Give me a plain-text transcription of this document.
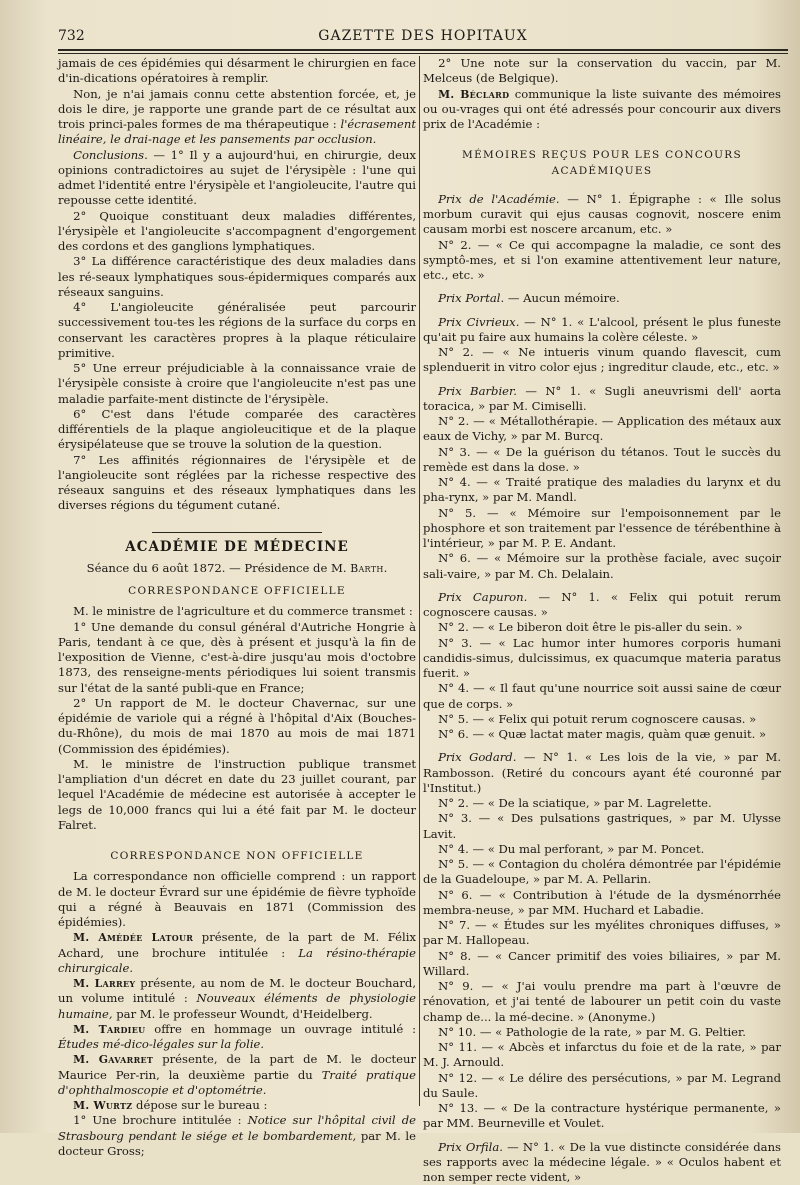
732	GAZETTE DES HOPITAUX

jamais de ces épidémies qui désarment le chirurgien en face d'in-dications opératoires à remplir.

Non, je n'ai jamais connu cette abstention forcée, et, je dois le dire, je rapporte une grande part de ce résultat aux trois princi-pales formes de ma thérapeutique : l'écrasement linéaire, le drai-nage et les pansements par occlusion.

Conclusions. — 1° Il y a aujourd'hui, en chirurgie, deux opinions contradictoires au sujet de l'érysipèle : l'une qui admet l'identité entre l'érysipèle et l'angioleucite, l'autre qui repousse cette identité.

2° Quoique constituant deux maladies différentes, l'érysipèle et l'angioleucite s'accompagnent d'engorgement des cordons et des ganglions lymphatiques.

3° La différence caractéristique des deux maladies dans les ré-seaux lymphatiques sous-épidermiques comparés aux réseaux sanguins.

4° L'angioleucite généralisée peut parcourir successivement tou-tes les régions de la surface du corps en conservant les caractères propres à la plaque réticulaire primitive.

5° Une erreur préjudiciable à la connaissance vraie de l'érysipèle consiste à croire que l'angioleucite n'est pas une maladie parfaite-ment distincte de l'érysipèle.

6° C'est dans l'étude comparée des caractères différentiels de la plaque angioleucitique et de la plaque érysipélateuse que se trouve la solution de la question.

7° Les affinités régionnaires de l'érysipèle et de l'angioleucite sont réglées par la richesse respective des réseaux sanguins et des réseaux lymphatiques dans les diverses régions du tégument cutané.

ACADÉMIE DE MÉDECINE

Séance du 6 août 1872. — Présidence de M. Barth.

CORRESPONDANCE OFFICIELLE

M. le ministre de l'agriculture et du commerce transmet :

1° Une demande du consul général d'Autriche Hongrie à Paris, tendant à ce que, dès à présent et jusqu'à la fin de l'exposition de Vienne, c'est-à-dire jusqu'au mois d'octobre 1873, des renseigne-ments périodiques lui soient transmis sur l'état de la santé publi-que en France;

2° Un rapport de M. le docteur Chavernac, sur une épidémie de variole qui a régné à l'hôpital d'Aix (Bouches-du-Rhône), du mois de mai 1870 au mois de mai 1871 (Commission des épidémies).

M. le ministre de l'instruction publique transmet l'ampliation d'un décret en date du 23 juillet courant, par lequel l'Académie de médecine est autorisée à accepter le legs de 10,000 francs qui lui a été fait par M. le docteur Falret.

CORRESPONDANCE NON OFFICIELLE

La correspondance non officielle comprend : un rapport de M. le docteur Évrard sur une épidémie de fièvre typhoïde qui a régné à Beauvais en 1871 (Commission des épidémies).

M. Amédée Latour présente, de la part de M. Félix Achard, une brochure intitulée : La résino-thérapie chirurgicale.

M. Larrey présente, au nom de M. le docteur Bouchard, un volume intitulé : Nouveaux éléments de physiologie humaine, par M. le professeur Woundt, d'Heidelberg.

M. Tardieu offre en hommage un ouvrage intitulé : Études mé-dico-légales sur la folie.

M. Gavarret présente, de la part de M. le docteur Maurice Per-rin, la deuxième partie du Traité pratique d'ophthalmoscopie et d'optométrie.

M. Wurtz dépose sur le bureau :

1° Une brochure intitulée : Notice sur l'hôpital civil de Strasbourg pendant le siége et le bombardement, par M. le docteur Gross;

2° Une note sur la conservation du vaccin, par M. Melceus (de Belgique).

M. Béclard communique la liste suivante des mémoires ou ou-vrages qui ont été adressés pour concourir aux divers prix de l'Académie :

MÉMOIRES REÇUS POUR LES CONCOURS ACADÉMIQUES

Prix de l'Académie. — N° 1. Épigraphe : « Ille solus morbum curavit qui ejus causas cognovit, noscere enim causam morbi est noscere arcanum, etc. »

N° 2. — « Ce qui accompagne la maladie, ce sont des symptô-mes, et si l'on examine attentivement leur nature, etc., etc. »

Prix Portal. — Aucun mémoire.

Prix Civrieux. — N° 1. « L'alcool, présent le plus funeste qu'ait pu faire aux humains la colère céleste. »

N° 2. — « Ne intueris vinum quando flavescit, cum splenduerit in vitro color ejus ; ingreditur claude, etc., etc. »

Prix Barbier. — N° 1. « Sugli aneuvrismi dell' aorta toracica, » par M. Cimiselli.

N° 2. — « Métallothérapie. — Application des métaux aux eaux de Vichy, » par M. Burcq.

N° 3. — « De la guérison du tétanos. Tout le succès du remède est dans la dose. »

N° 4. — « Traité pratique des maladies du larynx et du pha-rynx, » par M. Mandl.

N° 5. — « Mémoire sur l'empoisonnement par le phosphore et son traitement par l'essence de térébenthine à l'intérieur, » par M. P. E. Andant.

N° 6. — « Mémoire sur la prothèse faciale, avec suçoir sali-vaire, » par M. Ch. Delalain.

Prix Capuron. — N° 1. « Felix qui potuit rerum cognoscere causas. »

N° 2. — « Le biberon doit être le pis-aller du sein. »

N° 3. — « Lac humor inter humores corporis humani candidis-simus, dulcissimus, ex quacumque materia paratus fuerit. »

N° 4. — « Il faut qu'une nourrice soit aussi saine de cœur que de corps. »

N° 5. — « Felix qui potuit rerum cognoscere causas. »

N° 6. — « Quæ lactat mater magis, quàm quæ genuit. »

Prix Godard. — N° 1. « Les lois de la vie, » par M. Rambosson. (Retiré du concours ayant été couronné par l'Institut.)

N° 2. — « De la sciatique, » par M. Lagrelette.

N° 3. — « Des pulsations gastriques, » par M. Ulysse Lavit.

N° 4. — « Du mal perforant, » par M. Poncet.

N° 5. — « Contagion du choléra démontrée par l'épidémie de la Guadeloupe, » par M. A. Pellarin.

N° 6. — « Contribution à l'étude de la dysménorrhée membra-neuse, » par MM. Huchard et Labadie.

N° 7. — « Études sur les myélites chroniques diffuses, » par M. Hallopeau.

N° 8. — « Cancer primitif des voies biliaires, » par M. Willard.

N° 9. — « J'ai voulu prendre ma part à l'œuvre de rénovation, et j'ai tenté de labourer un petit coin du vaste champ de... la mé-decine. » (Anonyme.)

N° 10. — « Pathologie de la rate, » par M. G. Peltier.

N° 11. — « Abcès et infarctus du foie et de la rate, » par M. J. Arnould.

N° 12. — « Le délire des persécutions, » par M. Legrand du Saule.

N° 13. — « De la contracture hystérique permanente, » par MM. Beurneville et Voulet.

Prix Orfila. — N° 1. « De la vue distincte considérée dans ses rapports avec la médecine légale. » « Oculos habent et non semper recte vident, »
